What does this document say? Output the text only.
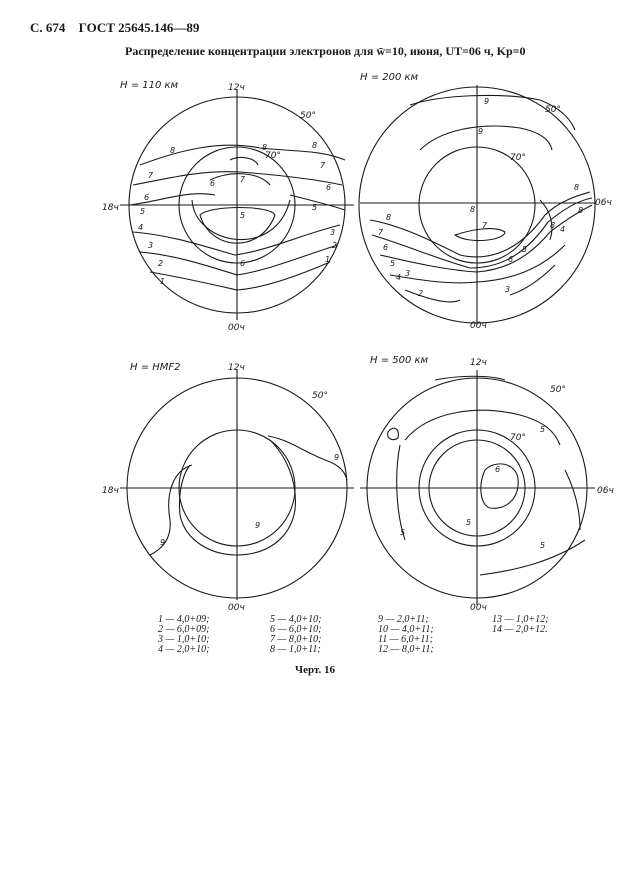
С. 674 ГОСТ 25645.146—89
Распределение концентрации электронов для w̄=10, июня, UT=06 ч, Kp=0
H = 110 км	12ч
00ч
18ч
50°
70°
H = 200 км
00ч
06ч
50°
70°
H = HMF2	12ч
00ч
18ч
50°
H = 500 км	12ч
00ч
06ч
50°
70°
8
8
7
7
6
6
5	5
4
3
2
1
6	7
8
5
3
2
1
6
9
9
8
8
7
6
5
4 3
2	3
8
8
7
8
6
5
4
9
9
9
5
5
6
5
5
1 — 4,0+09;
2 — 6,0+09;
3 — 1,0+10;
4 — 2,0+10;
5 — 4,0+10;
6 — 6,0+10;
7 — 8,0+10;
8 — 1,0+11;
9 — 2,0+11;
10 — 4,0+11;
11 — 6,0+11;
12 — 8,0+11;
13 — 1,0+12;
14 — 2,0+12.
Черт. 16
